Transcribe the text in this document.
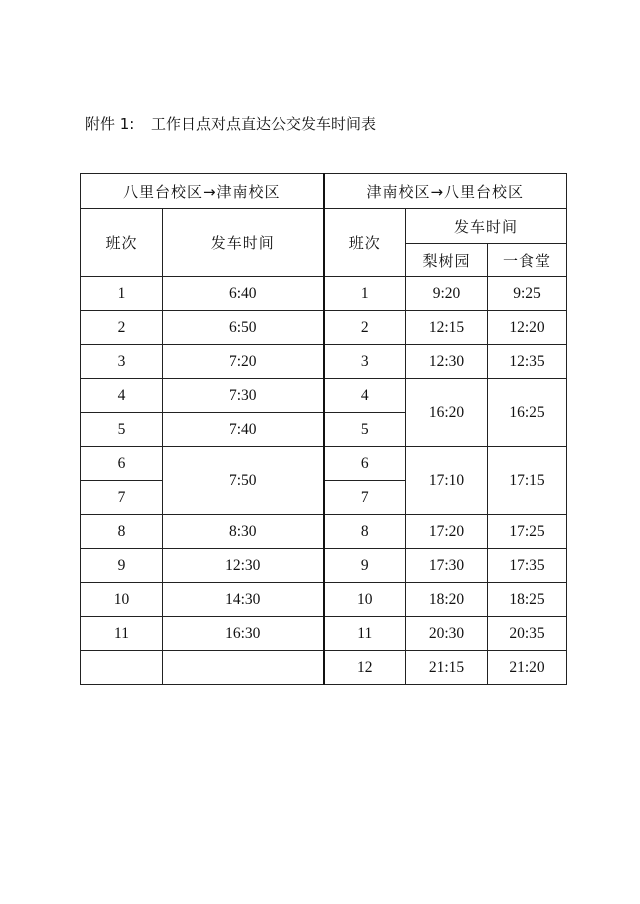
附件 1: 工作日点对点直达公交发车时间表
八里台校区→津南校区		津南校区→八里台校区		
班次	发车时间	班次	发车时间	
			梨树园	一食堂
1	6:40	1	9:20	9:25
2	6:50	2	12:15	12:20
3	7:20	3	12:30	12:35
4	7:30	4	16:20	16:25
5	7:40	5		
6	7:50	6	17:10	17:15
7		7		
8	8:30	8	17:20	17:25
9	12:30	9	17:30	17:35
10	14:30	10	18:20	18:25
11	16:30	11	20:30	20:35
		12	21:15	21:20
